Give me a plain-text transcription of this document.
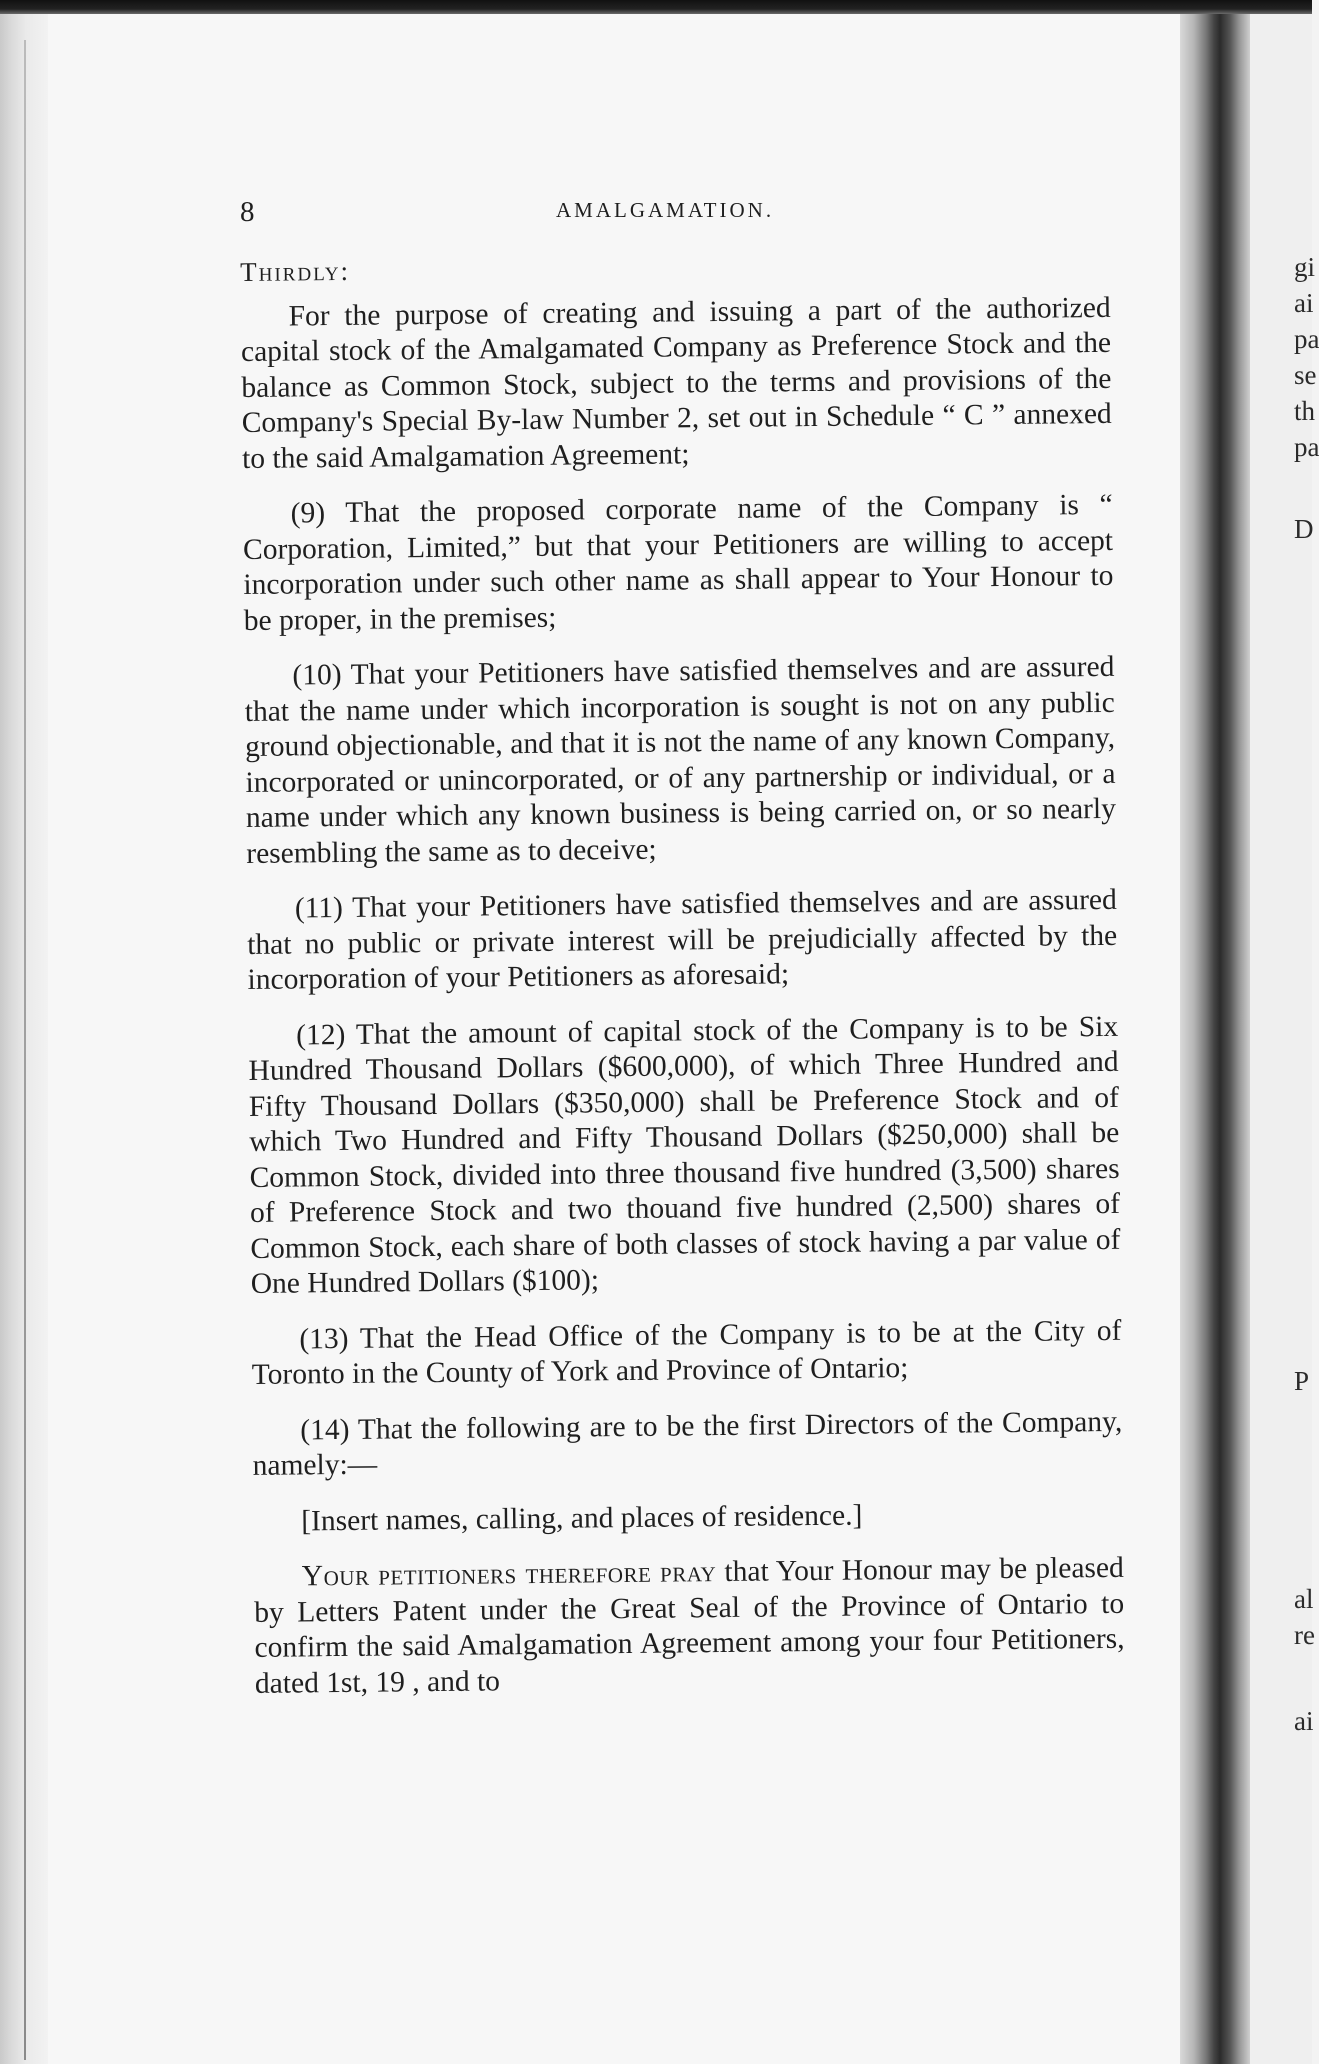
8	AMALGAMATION.
Thirdly:

For the purpose of creating and issuing a part of the authorized capital stock of the Amalgamated Company as Preference Stock and the balance as Common Stock, subject to the terms and provisions of the Company's Special By-law Number 2, set out in Schedule “ C ” annexed to the said Amalgamation Agreement;

(9) That the proposed corporate name of the Company is “ Corporation, Limited,” but that your Petitioners are willing to accept incorporation under such other name as shall appear to Your Honour to be proper, in the premises;

(10) That your Petitioners have satisfied themselves and are assured that the name under which incorporation is sought is not on any public ground objectionable, and that it is not the name of any known Company, incorporated or unincorporated, or of any partnership or individual, or a name under which any known business is being carried on, or so nearly resembling the same as to deceive;

(11) That your Petitioners have satisfied themselves and are assured that no public or private interest will be prejudicially affected by the incorporation of your Petitioners as aforesaid;

(12) That the amount of capital stock of the Company is to be Six Hundred Thousand Dollars ($600,000), of which Three Hundred and Fifty Thousand Dollars ($350,000) shall be Preference Stock and of which Two Hundred and Fifty Thousand Dollars ($250,000) shall be Common Stock, divided into three thousand five hundred (3,500) shares of Preference Stock and two thouand five hundred (2,500) shares of Common Stock, each share of both classes of stock having a par value of One Hundred Dollars ($100);

(13) That the Head Office of the Company is to be at the City of Toronto in the County of York and Province of Ontario;

(14) That the following are to be the first Directors of the Company, namely:—

[Insert names, calling, and places of residence.]

Your petitioners therefore pray that Your Honour may be pleased by Letters Patent under the Great Seal of the Province of Ontario to confirm the said Amalgamation Agreement among your four Petitioners, dated 1st, 19 , and to

gi
ai
pa
se
th
pa
D
P
al
re
ai
